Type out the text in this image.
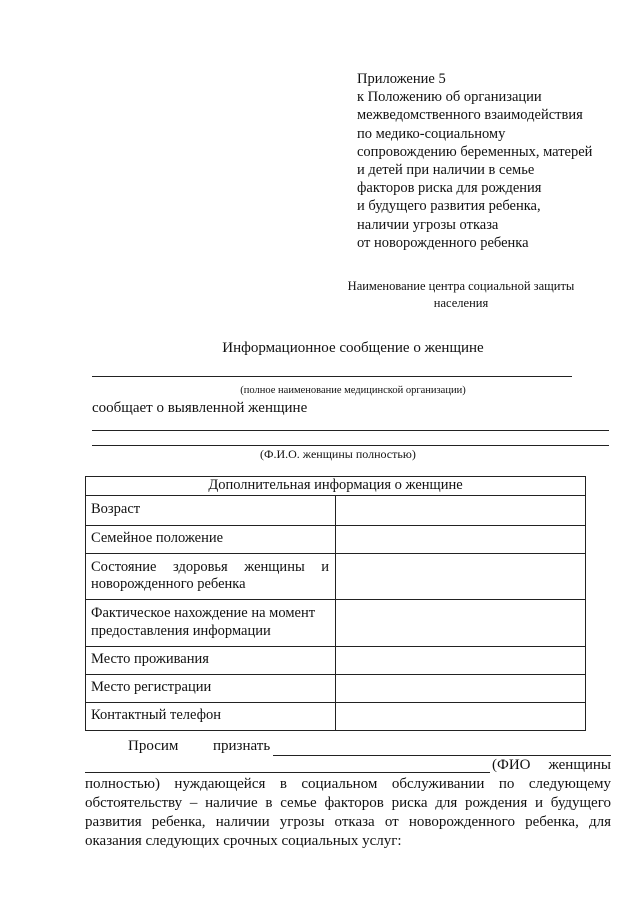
Приложение 5
к Положению об организации
межведомственного взаимодействия
по медико-социальному
сопровождению беременных, матерей
и детей при наличии в семье
факторов риска для рождения
и будущего развития ребенка,
наличии угрозы отказа
от новорожденного ребенка
Наименование центра социальной защиты
населения
Информационное сообщение о женщине
(полное наименование медицинской организации)
сообщает о выявленной женщине
(Ф.И.О. женщины полностью)
Дополнительная информация о женщине	
Возраст	
Семейное положение	

Состояние здоровья женщины и
новорожденного ребенка	

Фактическое нахождение на момент
предоставления информации	

Место проживания	
Место регистрации	
Контактный телефон	
Просим признать
(ФИО женщины
полностью) нуждающейся в социальном обслуживании по следующему обстоятельству – наличие в семье факторов риска для рождения и будущего развития ребенка, наличии угрозы отказа от новорожденного ребенка, для оказания следующих срочных социальных услуг:
